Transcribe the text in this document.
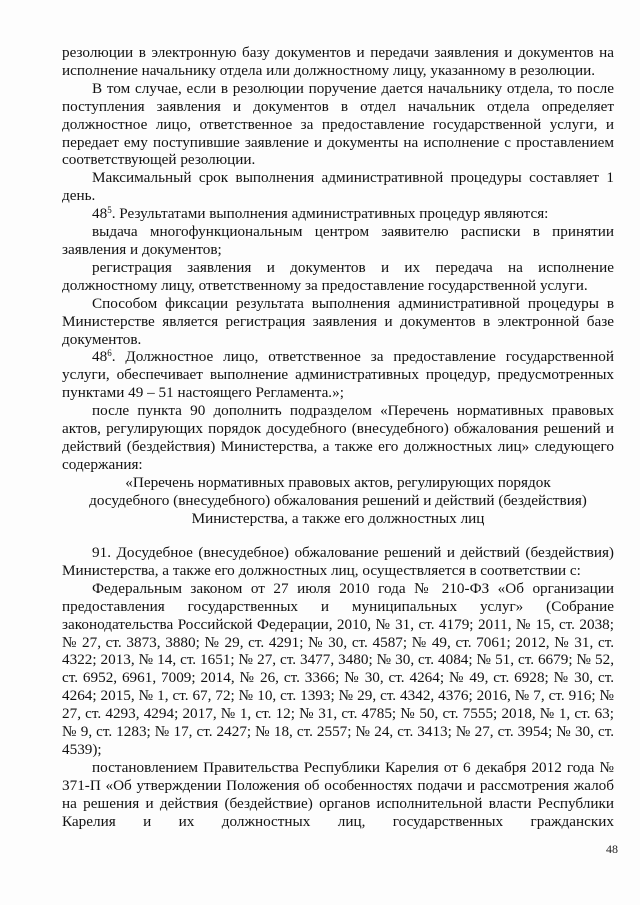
резолюции в электронную базу документов и передачи заявления и документов на исполнение начальнику отдела или должностному лицу, указанному в резолюции.

В том случае, если в резолюции поручение дается начальнику отдела, то после поступления заявления и документов в отдел начальник отдела определяет должностное лицо, ответственное за предоставление государственной услуги, и передает ему поступившие заявление и документы на исполнение с проставлением соответствующей резолюции.

Максимальный срок выполнения административной процедуры составляет 1 день.

$48^5$. Результатами выполнения административных процедур являются:

выдача многофункциональным центром заявителю расписки в принятии заявления и документов;

регистрация заявления и документов и их передача на исполнение должностному лицу, ответственному за предоставление государственной услуги.

Способом фиксации результата выполнения административной процедуры в Министерстве является регистрация заявления и документов в электронной базе документов.

$48^6$. Должностное лицо, ответственное за предоставление государственной услуги, обеспечивает выполнение административных процедур, предусмотренных пунктами 49 – 51 настоящего Регламента.»;

после пункта 90 дополнить подразделом «Перечень нормативных правовых актов, регулирующих порядок досудебного (внесудебного) обжалования решений и действий (бездействия) Министерства, а также его должностных лиц» следующего содержания:

«Перечень нормативных правовых актов, регулирующих порядок

досудебного (внесудебного) обжалования решений и действий (бездействия)

Министерства, а также его должностных лиц

91. Досудебное (внесудебное) обжалование решений и действий (бездействия) Министерства, а также его должностных лиц, осуществляется в соответствии с:

Федеральным законом от 27 июля 2010 года № 210-ФЗ «Об организации предоставления государственных и муниципальных услуг» (Собрание законодательства Российской Федерации, 2010, № 31, ст. 4179; 2011, № 15, ст. 2038; № 27, ст. 3873, 3880; № 29, ст. 4291; № 30, ст. 4587; № 49, ст. 7061; 2012, № 31, ст. 4322; 2013, № 14, ст. 1651; № 27, ст. 3477, 3480; № 30, ст. 4084; № 51, ст. 6679; № 52, ст. 6952, 6961, 7009; 2014, № 26, ст. 3366; № 30, ст. 4264; № 49, ст. 6928; № 30, ст. 4264; 2015, № 1, ст. 67, 72; № 10, ст. 1393; № 29, ст. 4342, 4376; 2016, № 7, ст. 916; № 27, ст. 4293, 4294; 2017, № 1, ст. 12; № 31, ст. 4785; № 50, ст. 7555; 2018, № 1, ст. 63; № 9, ст. 1283; № 17, ст. 2427; № 18, ст. 2557; № 24, ст. 3413; № 27, ст. 3954; № 30, ст. 4539);

постановлением Правительства Республики Карелия от 6 декабря 2012 года № 371-П «Об утверждении Положения об особенностях подачи и рассмотрения жалоб на решения и действия (бездействие) органов исполнительной власти Республики Карелия и их должностных лиц, государственных гражданских

48
